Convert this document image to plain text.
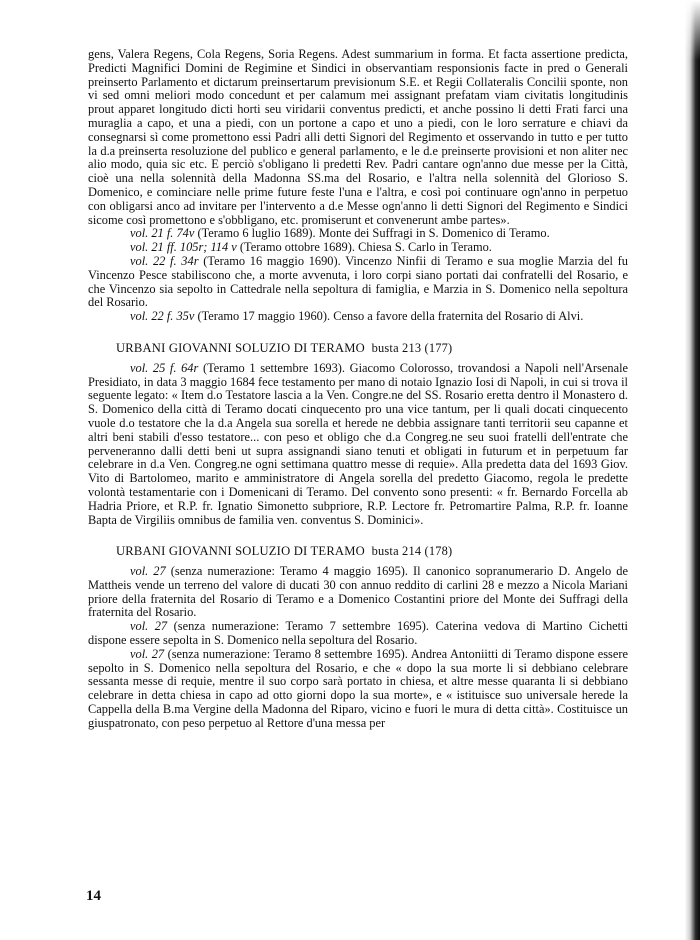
gens, Valera Regens, Cola Regens, Soria Regens. Adest summarium in forma. Et facta assertione predicta, Predicti Magnifici Domini de Regimine et Sindici in observantiam responsionis facte in pred o Generali preinserto Parlamento et dictarum preinsertarum previsionum S.E. et Regii Collateralis Concilii sponte, non vi sed omni meliori modo concedunt et per calamum mei assignant prefatam viam civitatis longitudinis prout apparet longitudo dicti horti seu viridarii conventus predicti, et anche possino li detti Frati farci una muraglia a capo, et una a piedi, con un portone a capo et uno a piedi, con le loro serrature e chiavi da consegnarsi sì come promettono essi Padri alli detti Signori del Regimento et osservando in tutto e per tutto la d.a preinserta resoluzione del publico e general parlamento, e le d.e preinserte provisioni et non aliter nec alio modo, quia sic etc. E perciò s'obligano li predetti Rev. Padri cantare ogn'anno due messe per la Città, cioè una nella solennità della Madonna SS.ma del Rosario, e l'altra nella solennità del Glorioso S. Domenico, e cominciare nelle prime future feste l'una e l'altra, e così poi continuare ogn'anno in perpetuo con obligarsi anco ad invitare per l'intervento a d.e Messe ogn'anno li detti Signori del Regimento e Sindici sicome così promettono e s'obbligano, etc. promiserunt et convenerunt ambe partes».

vol. 21 f. 74v (Teramo 6 luglio 1689). Monte dei Suffragi in S. Domenico di Teramo.

vol. 21 ff. 105r; 114 v (Teramo ottobre 1689). Chiesa S. Carlo in Teramo.

vol. 22 f. 34r (Teramo 16 maggio 1690). Vincenzo Ninfii di Teramo e sua moglie Marzia del fu Vincenzo Pesce stabiliscono che, a morte avvenuta, i loro corpi siano portati dai confratelli del Rosario, e che Vincenzo sia sepolto in Cattedrale nella sepoltura di famiglia, e Marzia in S. Domenico nella sepoltura del Rosario.

vol. 22 f. 35v (Teramo 17 maggio 1960). Censo a favore della fraternita del Rosario di Alvi.

URBANI GIOVANNI SOLUZIO DI TERAMO busta 213 (177)

vol. 25 f. 64r (Teramo 1 settembre 1693). Giacomo Colorosso, trovandosi a Napoli nell'Arsenale Presidiato, in data 3 maggio 1684 fece testamento per mano di notaio Ignazio Iosi di Napoli, in cui si trova il seguente legato: « Item d.o Testatore lascia a la Ven. Congre.ne del SS. Rosario eretta dentro il Monastero d. S. Domenico della città di Teramo docati cinquecento pro una vice tantum, per li quali docati cinquecento vuole d.o testatore che la d.a Angela sua sorella et herede ne debbia assignare tanti territorii seu capanne et altri beni stabili d'esso testatore... con peso et obligo che d.a Congreg.ne seu suoi fratelli dell'entrate che perveneranno dalli detti beni ut supra assignandi siano tenuti et obligati in futurum et in perpetuum far celebrare in d.a Ven. Congreg.ne ogni settimana quattro messe di requie». Alla predetta data del 1693 Giov. Vito di Bartolomeo, marito e amministratore di Angela sorella del predetto Giacomo, regola le predette volontà testamentarie con i Domenicani di Teramo. Del convento sono presenti: « fr. Bernardo Forcella ab Hadria Priore, et R.P. fr. Ignatio Simonetto subpriore, R.P. Lectore fr. Petromartire Palma, R.P. fr. Ioanne Bapta de Virgiliis omnibus de familia ven. conventus S. Dominici».

URBANI GIOVANNI SOLUZIO DI TERAMO busta 214 (178)

vol. 27 (senza numerazione: Teramo 4 maggio 1695). Il canonico sopranumerario D. Angelo de Mattheis vende un terreno del valore di ducati 30 con annuo reddito di carlini 28 e mezzo a Nicola Mariani priore della fraternita del Rosario di Teramo e a Domenico Costantini priore del Monte dei Suffragi della fraternita del Rosario.

vol. 27 (senza numerazione: Teramo 7 settembre 1695). Caterina vedova di Martino Cichetti dispone essere sepolta in S. Domenico nella sepoltura del Rosario.

vol. 27 (senza numerazione: Teramo 8 settembre 1695). Andrea Antoniitti di Teramo dispone essere sepolto in S. Domenico nella sepoltura del Rosario, e che « dopo la sua morte li si debbiano celebrare sessanta messe di requie, mentre il suo corpo sarà portato in chiesa, et altre messe quaranta li si debbiano celebrare in detta chiesa in capo ad otto giorni dopo la sua morte», e « istituisce suo universale herede la Cappella della B.ma Vergine della Madonna del Riparo, vicino e fuori le mura di detta città». Costituisce un giuspatronato, con peso perpetuo al Rettore d'una messa per

14
